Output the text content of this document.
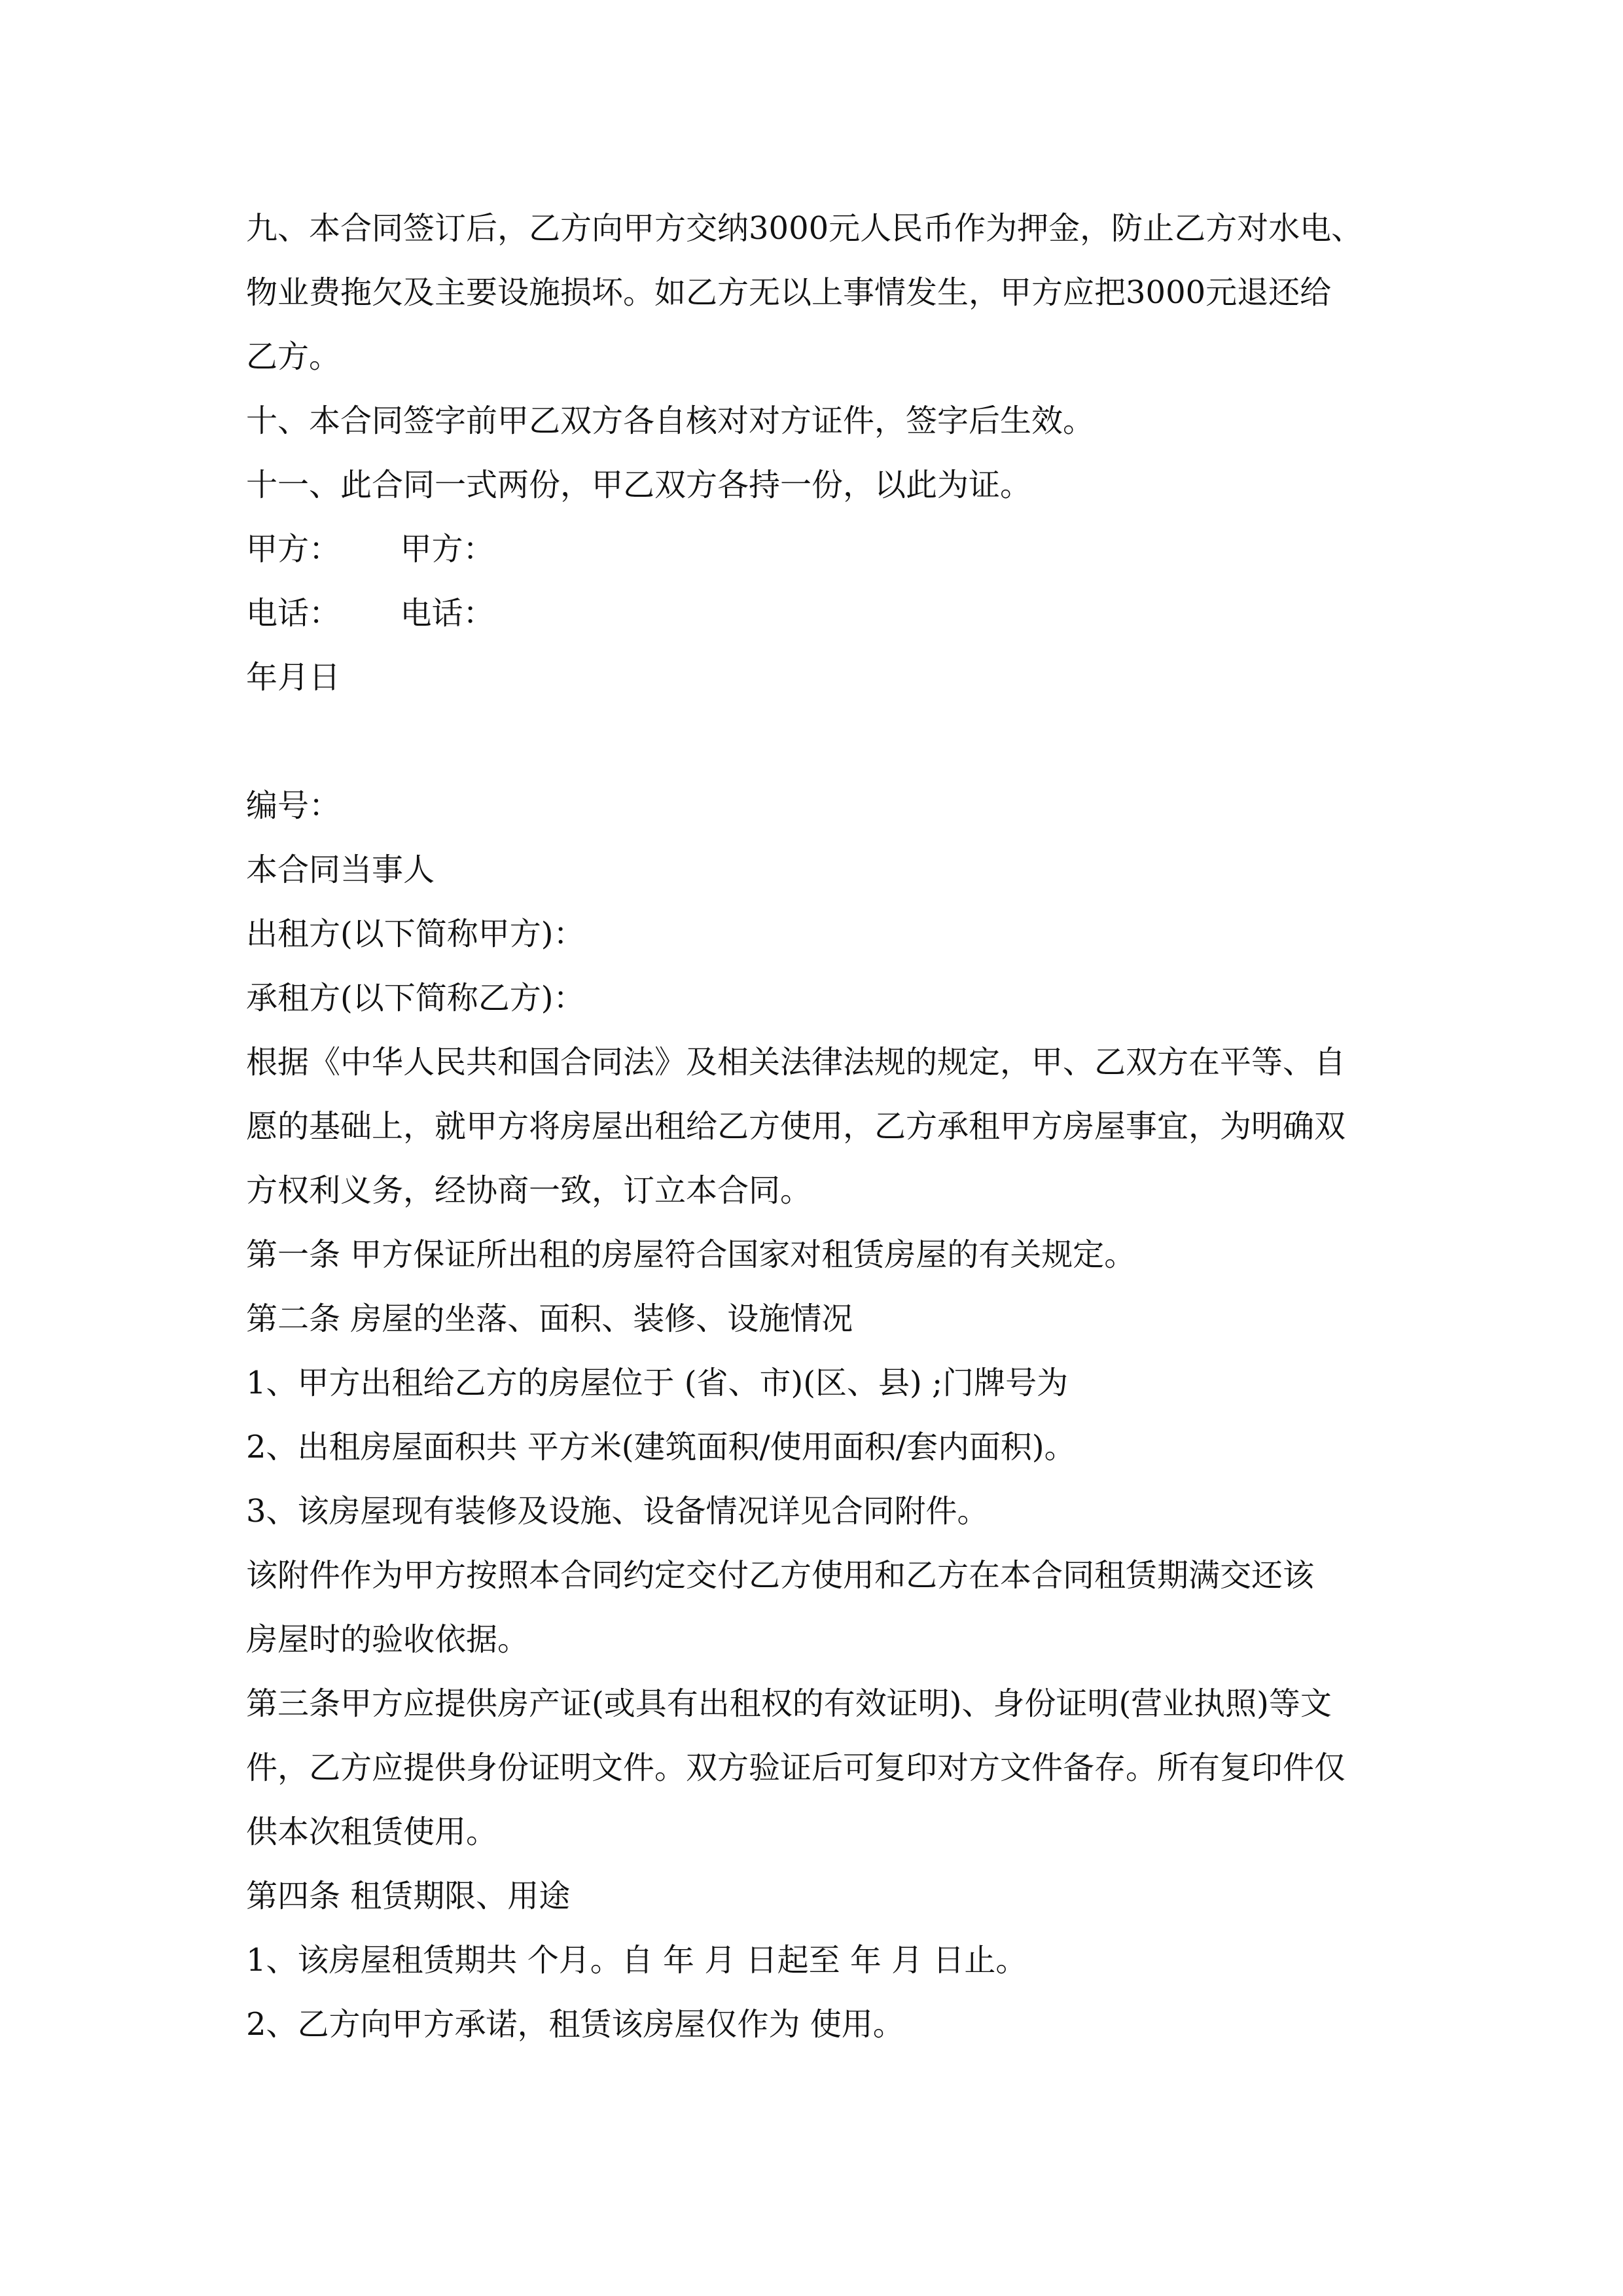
九、本合同签订后，乙方向甲方交纳3000元人民币作为押金，防止乙方对水电、
物业费拖欠及主要设施损坏。如乙方无以上事情发生，甲方应把3000元退还给
乙方。
十、本合同签字前甲乙双方各自核对对方证件，签字后生效。
十一、此合同一式两份，甲乙双方各持一份，以此为证。
甲方：      甲方：
电话：      电话：
年月日
编号：
本合同当事人
出租方(以下简称甲方)：
承租方(以下简称乙方)：
根据《中华人民共和国合同法》及相关法律法规的规定，甲、乙双方在平等、自
愿的基础上，就甲方将房屋出租给乙方使用，乙方承租甲方房屋事宜，为明确双
方权利义务，经协商一致，订立本合同。
第一条 甲方保证所出租的房屋符合国家对租赁房屋的有关规定。
第二条 房屋的坐落、面积、装修、设施情况
1、甲方出租给乙方的房屋位于 (省、市)(区、县) ;门牌号为
2、出租房屋面积共 平方米(建筑面积/使用面积/套内面积)。
3、该房屋现有装修及设施、设备情况详见合同附件。
该附件作为甲方按照本合同约定交付乙方使用和乙方在本合同租赁期满交还该
房屋时的验收依据。
第三条甲方应提供房产证(或具有出租权的有效证明)、身份证明(营业执照)等文
件，乙方应提供身份证明文件。双方验证后可复印对方文件备存。所有复印件仅
供本次租赁使用。
第四条 租赁期限、用途
1、该房屋租赁期共 个月。自 年 月 日起至 年 月 日止。
2、乙方向甲方承诺，租赁该房屋仅作为 使用。
